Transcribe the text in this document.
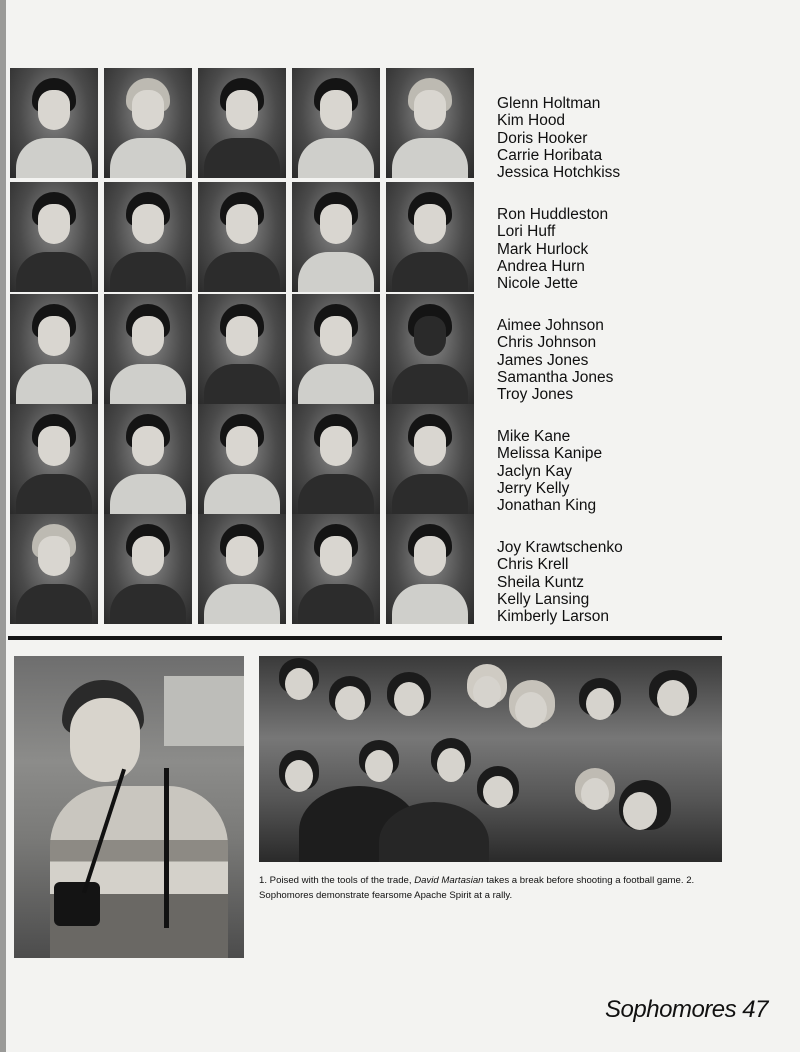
Glenn Holtman
Kim Hood
Doris Hooker
Carrie Horibata
Jessica Hotchkiss
Ron Huddleston
Lori Huff
Mark Hurlock
Andrea Hurn
Nicole Jette
Aimee Johnson
Chris Johnson
James Jones
Samantha Jones
Troy Jones
Mike Kane
Melissa Kanipe
Jaclyn Kay
Jerry Kelly
Jonathan King
Joy Krawtschenko
Chris Krell
Sheila Kuntz
Kelly Lansing
Kimberly Larson
1. Poised with the tools of the trade, David Martasian takes a break before shooting a football game. 2. Sophomores demonstrate fearsome Apache Spirit at a rally.
Sophomores 47
